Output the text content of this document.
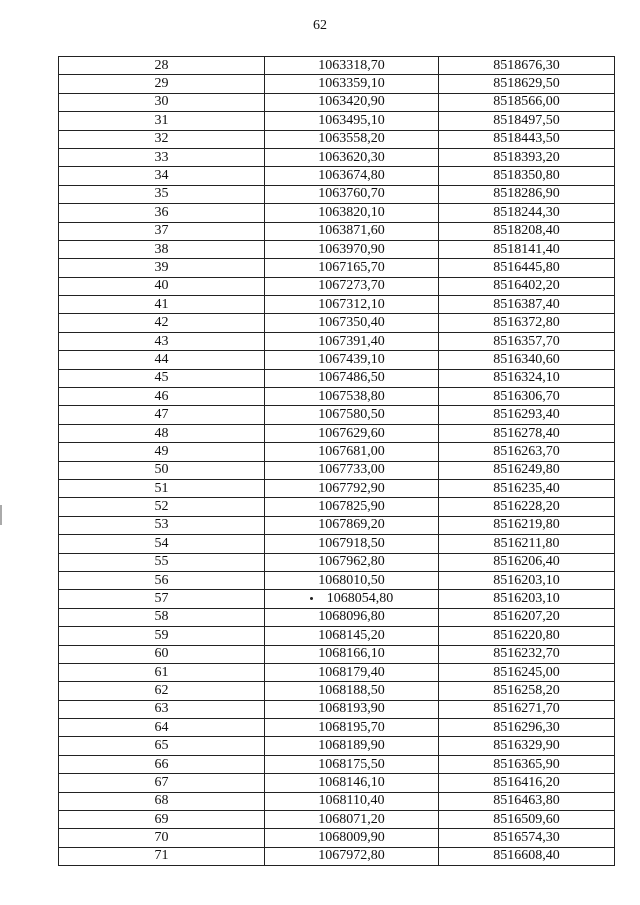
62
28	1063318,70	8518676,30
29	1063359,10	8518629,50
30	1063420,90	8518566,00
31	1063495,10	8518497,50
32	1063558,20	8518443,50
33	1063620,30	8518393,20
34	1063674,80	8518350,80
35	1063760,70	8518286,90
36	1063820,10	8518244,30
37	1063871,60	8518208,40
38	1063970,90	8518141,40
39	1067165,70	8516445,80
40	1067273,70	8516402,20
41	1067312,10	8516387,40
42	1067350,40	8516372,80
43	1067391,40	8516357,70
44	1067439,10	8516340,60
45	1067486,50	8516324,10
46	1067538,80	8516306,70
47	1067580,50	8516293,40
48	1067629,60	8516278,40
49	1067681,00	8516263,70
50	1067733,00	8516249,80
51	1067792,90	8516235,40
52	1067825,90	8516228,20
53	1067869,20	8516219,80
54	1067918,50	8516211,80
55	1067962,80	8516206,40
56	1068010,50	8516203,10
57	1068054,80	8516203,10
58	1068096,80	8516207,20
59	1068145,20	8516220,80
60	1068166,10	8516232,70
61	1068179,40	8516245,00
62	1068188,50	8516258,20
63	1068193,90	8516271,70
64	1068195,70	8516296,30
65	1068189,90	8516329,90
66	1068175,50	8516365,90
67	1068146,10	8516416,20
68	1068110,40	8516463,80
69	1068071,20	8516509,60
70	1068009,90	8516574,30
71	1067972,80	8516608,40
